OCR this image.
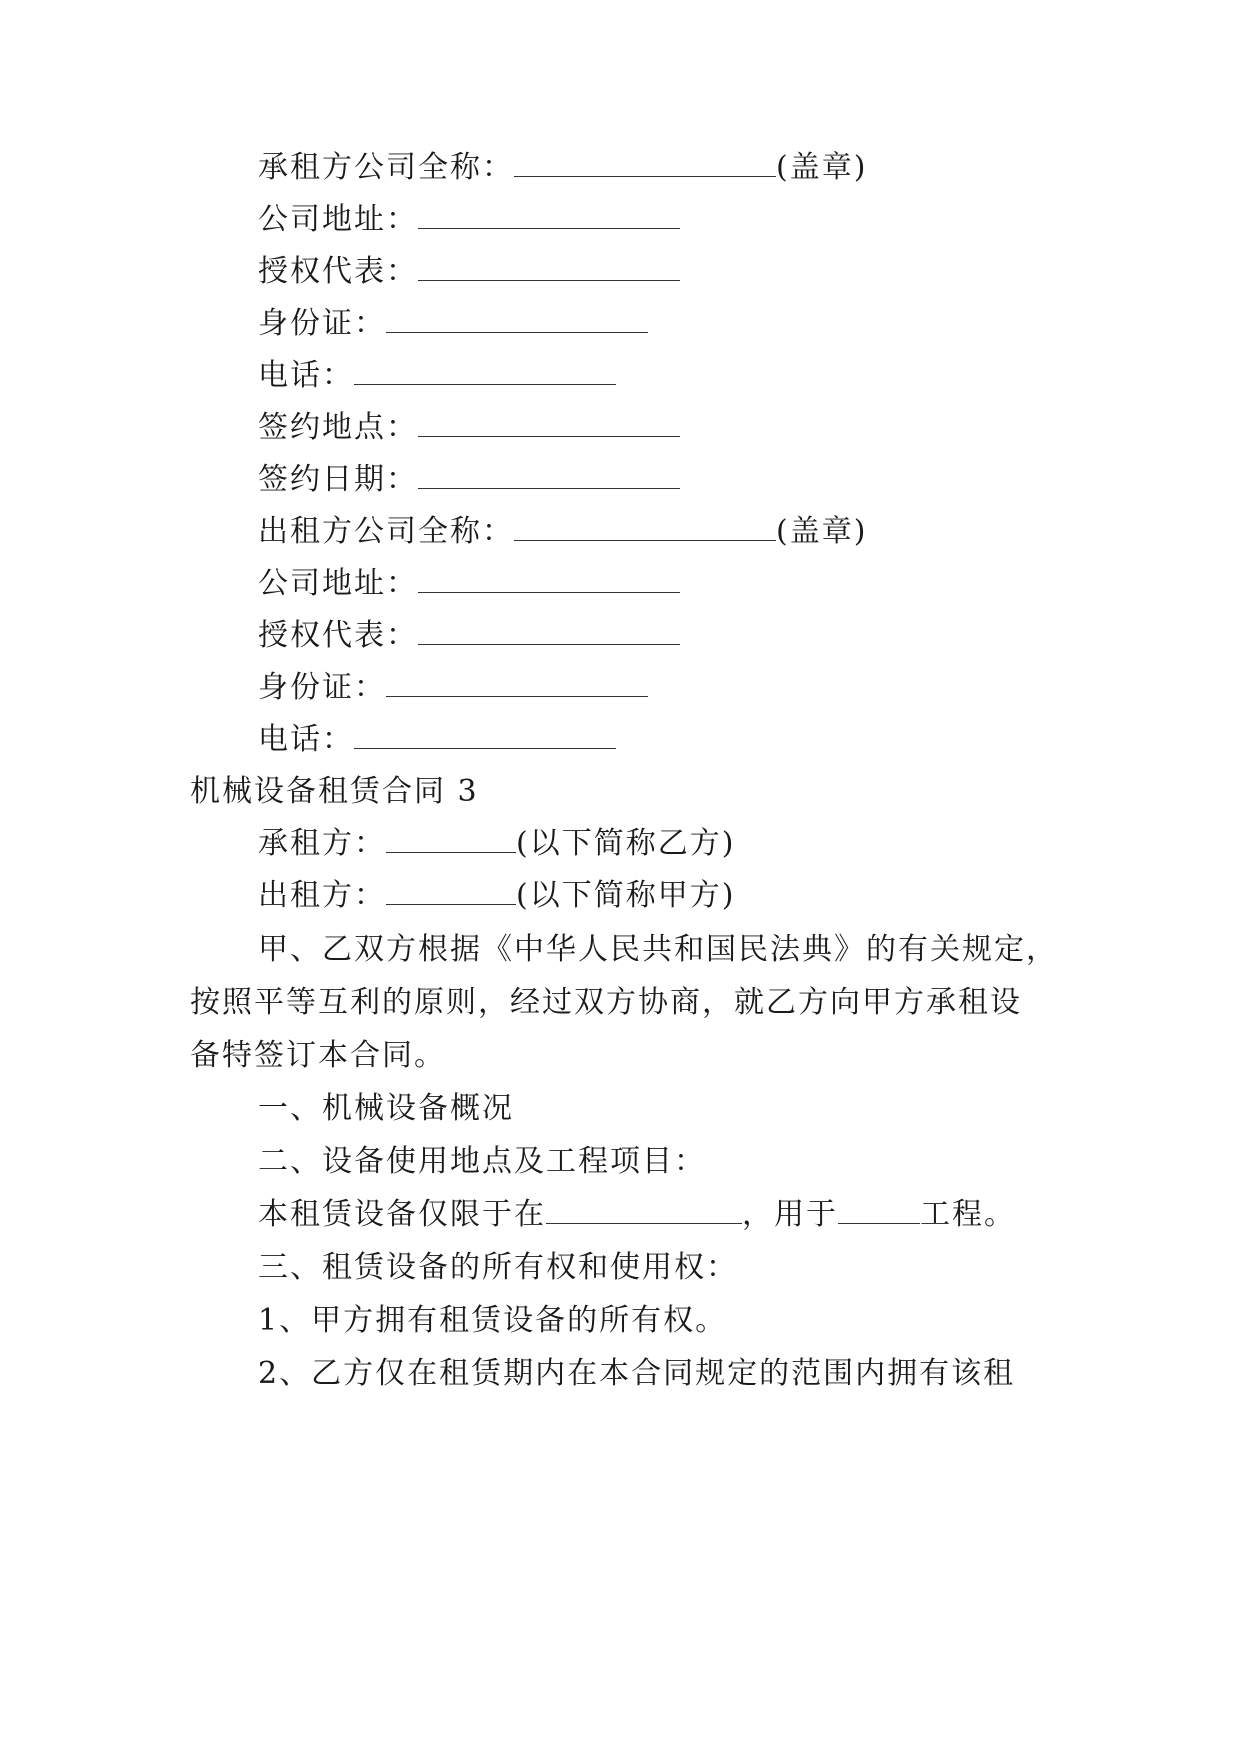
承租方公司全称：	(盖章)
公司地址：
授权代表：
身份证：
电话：
签约地点：
签约日期：
出租方公司全称：	(盖章)
公司地址：
授权代表：
身份证：
电话：
机械设备租赁合同 3
承租方：	(以下简称乙方)
出租方：	(以下简称甲方)
甲、乙双方根据《中华人民共和国民法典》的有关规定，
按照平等互利的原则，经过双方协商，就乙方向甲方承租设
备特签订本合同。
一、机械设备概况
二、设备使用地点及工程项目：
本租赁设备仅限于在	，用于	工程。
三、租赁设备的所有权和使用权：
1、甲方拥有租赁设备的所有权。
2、乙方仅在租赁期内在本合同规定的范围内拥有该租
